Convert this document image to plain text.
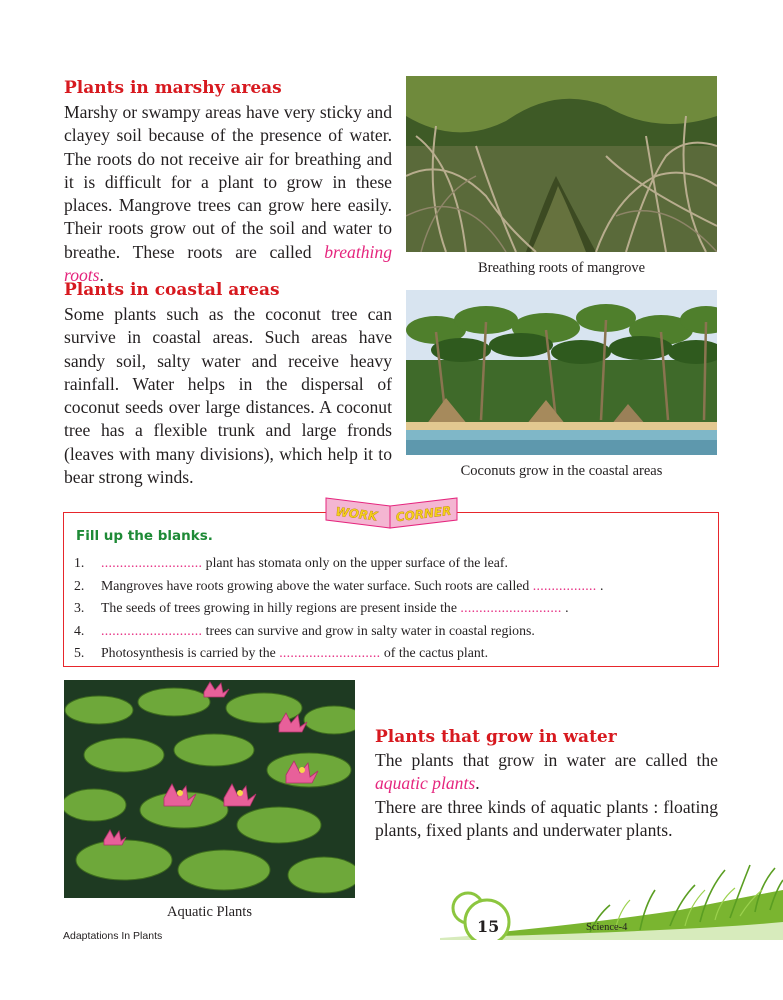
Plants in marshy areas
Marshy or swampy areas have very sticky and clayey soil because of the presence of water. The roots do not receive air for breathing and it is difficult for a plant to grow in these places. Mangrove trees can grow here easily. Their roots grow out of the soil and water to breathe. These roots are called breathing roots.
Plants in coastal areas
Some plants such as the coconut tree can survive in coastal areas. Such areas have sandy soil, salty water and receive heavy rainfall. Water helps in the dispersal of coconut seeds over large distances. A coconut tree has a flexible trunk and large fronds (leaves with many divisions), which help it to bear strong winds.
Breathing roots of mangrove
Coconuts grow in the coastal areas
Fill up the blanks.
1. ........................... plant has stomata only on the upper surface of the leaf.
2. Mangroves have roots growing above the water surface. Such roots are called ................. .
3. The seeds of trees growing in hilly regions are present inside the ........................... .
4. ........................... trees can survive and grow in salty water in coastal regions.
5. Photosynthesis is carried by the ........................... of the cactus plant.
WORK CORNER
Aquatic Plants
Plants that grow in water
The plants that grow in water are called the aquatic plants.
There are three kinds of aquatic plants : floating plants, fixed plants and underwater plants.
15
Adaptations In Plants
Science-4
